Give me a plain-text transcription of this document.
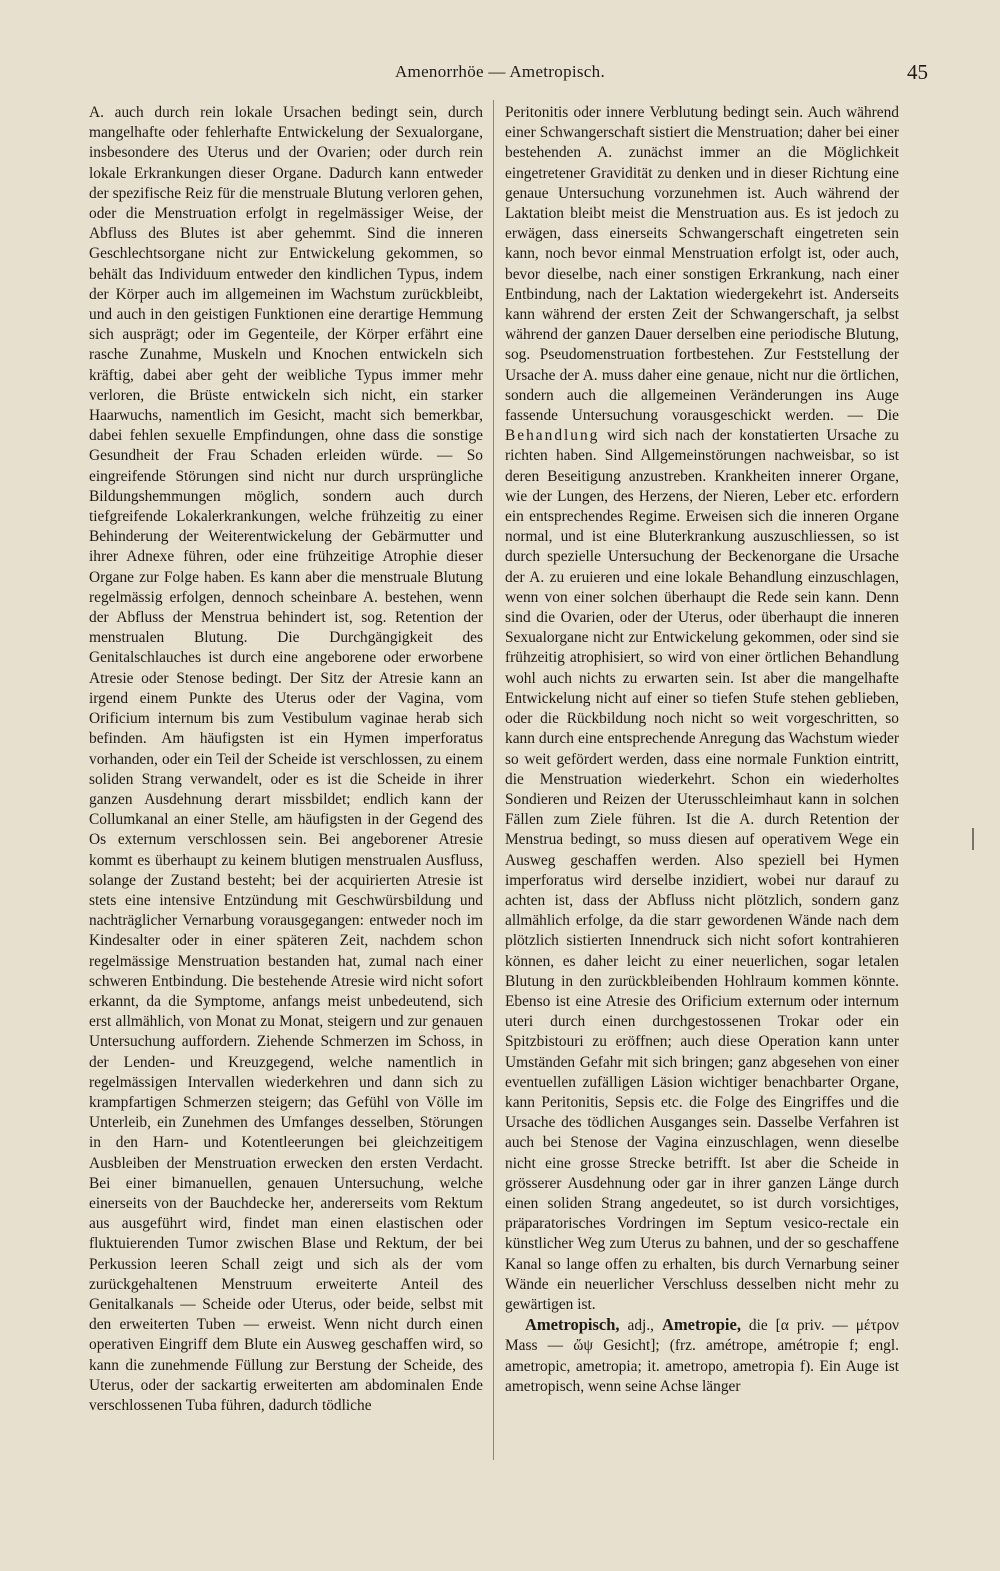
Amenorrhöe — Ametropisch.	45

A. auch durch rein lokale Ursachen bedingt sein, durch mangelhafte oder fehlerhafte Entwickelung der Sexualorgane, insbesondere des Uterus und der Ovarien; oder durch rein lokale Erkrankungen dieser Organe. Dadurch kann entweder der spezifische Reiz für die menstruale Blutung verloren gehen, oder die Menstruation erfolgt in regelmässiger Weise, der Abfluss des Blutes ist aber gehemmt. Sind die inneren Geschlechtsorgane nicht zur Entwickelung gekommen, so behält das Individuum entweder den kindlichen Typus, indem der Körper auch im allgemeinen im Wachstum zurückbleibt, und auch in den geistigen Funktionen eine derartige Hemmung sich ausprägt; oder im Gegenteile, der Körper erfährt eine rasche Zunahme, Muskeln und Knochen entwickeln sich kräftig, dabei aber geht der weibliche Typus immer mehr verloren, die Brüste entwickeln sich nicht, ein starker Haarwuchs, namentlich im Gesicht, macht sich bemerkbar, dabei fehlen sexuelle Empfindungen, ohne dass die sonstige Gesundheit der Frau Schaden erleiden würde. — So eingreifende Störungen sind nicht nur durch ursprüngliche Bildungshemmungen möglich, sondern auch durch tiefgreifende Lokalerkrankungen, welche frühzeitig zu einer Behinderung der Weiterentwickelung der Gebärmutter und ihrer Adnexe führen, oder eine frühzeitige Atrophie dieser Organe zur Folge haben. Es kann aber die menstruale Blutung regelmässig erfolgen, dennoch scheinbare A. bestehen, wenn der Abfluss der Menstrua behindert ist, sog. Retention der menstrualen Blutung. Die Durchgängigkeit des Genitalschlauches ist durch eine angeborene oder erworbene Atresie oder Stenose bedingt. Der Sitz der Atresie kann an irgend einem Punkte des Uterus oder der Vagina, vom Orificium internum bis zum Vestibulum vaginae herab sich befinden. Am häufigsten ist ein Hymen imperforatus vorhanden, oder ein Teil der Scheide ist verschlossen, zu einem soliden Strang verwandelt, oder es ist die Scheide in ihrer ganzen Ausdehnung derart missbildet; endlich kann der Collumkanal an einer Stelle, am häufigsten in der Gegend des Os externum verschlossen sein. Bei angeborener Atresie kommt es überhaupt zu keinem blutigen menstrualen Ausfluss, solange der Zustand besteht; bei der acquirierten Atresie ist stets eine intensive Entzündung mit Geschwürsbildung und nachträglicher Vernarbung vorausgegangen: entweder noch im Kindesalter oder in einer späteren Zeit, nachdem schon regelmässige Menstruation bestanden hat, zumal nach einer schweren Entbindung. Die bestehende Atresie wird nicht sofort erkannt, da die Symptome, anfangs meist unbedeutend, sich erst allmählich, von Monat zu Monat, steigern und zur genauen Untersuchung auffordern. Ziehende Schmerzen im Schoss, in der Lenden- und Kreuzgegend, welche namentlich in regelmässigen Intervallen wiederkehren und dann sich zu krampfartigen Schmerzen steigern; das Gefühl von Völle im Unterleib, ein Zunehmen des Umfanges desselben, Störungen in den Harn- und Kotentleerungen bei gleichzeitigem Ausbleiben der Menstruation erwecken den ersten Verdacht. Bei einer bimanuellen, genauen Untersuchung, welche einerseits von der Bauchdecke her, andererseits vom Rektum aus ausgeführt wird, findet man einen elastischen oder fluktuierenden Tumor zwischen Blase und Rektum, der bei Perkussion leeren Schall zeigt und sich als der vom zurückgehaltenen Menstruum erweiterte Anteil des Genitalkanals — Scheide oder Uterus, oder beide, selbst mit den erweiterten Tuben — erweist. Wenn nicht durch einen operativen Eingriff dem Blute ein Ausweg geschaffen wird, so kann die zunehmende Füllung zur Berstung der Scheide, des Uterus, oder der sackartig erweiterten am abdominalen Ende verschlossenen Tuba führen, dadurch tödliche

Peritonitis oder innere Verblutung bedingt sein. Auch während einer Schwangerschaft sistiert die Menstruation; daher bei einer bestehenden A. zunächst immer an die Möglichkeit eingetretener Gravidität zu denken und in dieser Richtung eine genaue Untersuchung vorzunehmen ist. Auch während der Laktation bleibt meist die Menstruation aus. Es ist jedoch zu erwägen, dass einerseits Schwangerschaft eingetreten sein kann, noch bevor einmal Menstruation erfolgt ist, oder auch, bevor dieselbe, nach einer sonstigen Erkrankung, nach einer Entbindung, nach der Laktation wiedergekehrt ist. Anderseits kann während der ersten Zeit der Schwangerschaft, ja selbst während der ganzen Dauer derselben eine periodische Blutung, sog. Pseudomenstruation fortbestehen. Zur Feststellung der Ursache der A. muss daher eine genaue, nicht nur die örtlichen, sondern auch die allgemeinen Veränderungen ins Auge fassende Untersuchung vorausgeschickt werden. — Die Behandlung wird sich nach der konstatierten Ursache zu richten haben. Sind Allgemeinstörungen nachweisbar, so ist deren Beseitigung anzustreben. Krankheiten innerer Organe, wie der Lungen, des Herzens, der Nieren, Leber etc. erfordern ein entsprechendes Regime. Erweisen sich die inneren Organe normal, und ist eine Bluterkrankung auszuschliessen, so ist durch spezielle Untersuchung der Beckenorgane die Ursache der A. zu eruieren und eine lokale Behandlung einzuschlagen, wenn von einer solchen überhaupt die Rede sein kann. Denn sind die Ovarien, oder der Uterus, oder überhaupt die inneren Sexualorgane nicht zur Entwickelung gekommen, oder sind sie frühzeitig atrophisiert, so wird von einer örtlichen Behandlung wohl auch nichts zu erwarten sein. Ist aber die mangelhafte Entwickelung nicht auf einer so tiefen Stufe stehen geblieben, oder die Rückbildung noch nicht so weit vorgeschritten, so kann durch eine entsprechende Anregung das Wachstum wieder so weit gefördert werden, dass eine normale Funktion eintritt, die Menstruation wiederkehrt. Schon ein wiederholtes Sondieren und Reizen der Uterusschleimhaut kann in solchen Fällen zum Ziele führen. Ist die A. durch Retention der Menstrua bedingt, so muss diesen auf operativem Wege ein Ausweg geschaffen werden. Also speziell bei Hymen imperforatus wird derselbe inzidiert, wobei nur darauf zu achten ist, dass der Abfluss nicht plötzlich, sondern ganz allmählich erfolge, da die starr gewordenen Wände nach dem plötzlich sistierten Innendruck sich nicht sofort kontrahieren können, es daher leicht zu einer neuerlichen, sogar letalen Blutung in den zurückbleibenden Hohlraum kommen könnte. Ebenso ist eine Atresie des Orificium externum oder internum uteri durch einen durchgestossenen Trokar oder ein Spitzbistouri zu eröffnen; auch diese Operation kann unter Umständen Gefahr mit sich bringen; ganz abgesehen von einer eventuellen zufälligen Läsion wichtiger benachbarter Organe, kann Peritonitis, Sepsis etc. die Folge des Eingriffes und die Ursache des tödlichen Ausganges sein. Dasselbe Verfahren ist auch bei Stenose der Vagina einzuschlagen, wenn dieselbe nicht eine grosse Strecke betrifft. Ist aber die Scheide in grösserer Ausdehnung oder gar in ihrer ganzen Länge durch einen soliden Strang angedeutet, so ist durch vorsichtiges, präparatorisches Vordringen im Septum vesico-rectale ein künstlicher Weg zum Uterus zu bahnen, und der so geschaffene Kanal so lange offen zu erhalten, bis durch Vernarbung seiner Wände ein neuerlicher Verschluss desselben nicht mehr zu gewärtigen ist.

Ametropisch, adj., Ametropie, die [α priv. — μέτρον Mass — ὤψ Gesicht]; (frz. amétrope, amétropie f; engl. ametropic, ametropia; it. ametropo, ametropia f). Ein Auge ist ametropisch, wenn seine Achse länger
